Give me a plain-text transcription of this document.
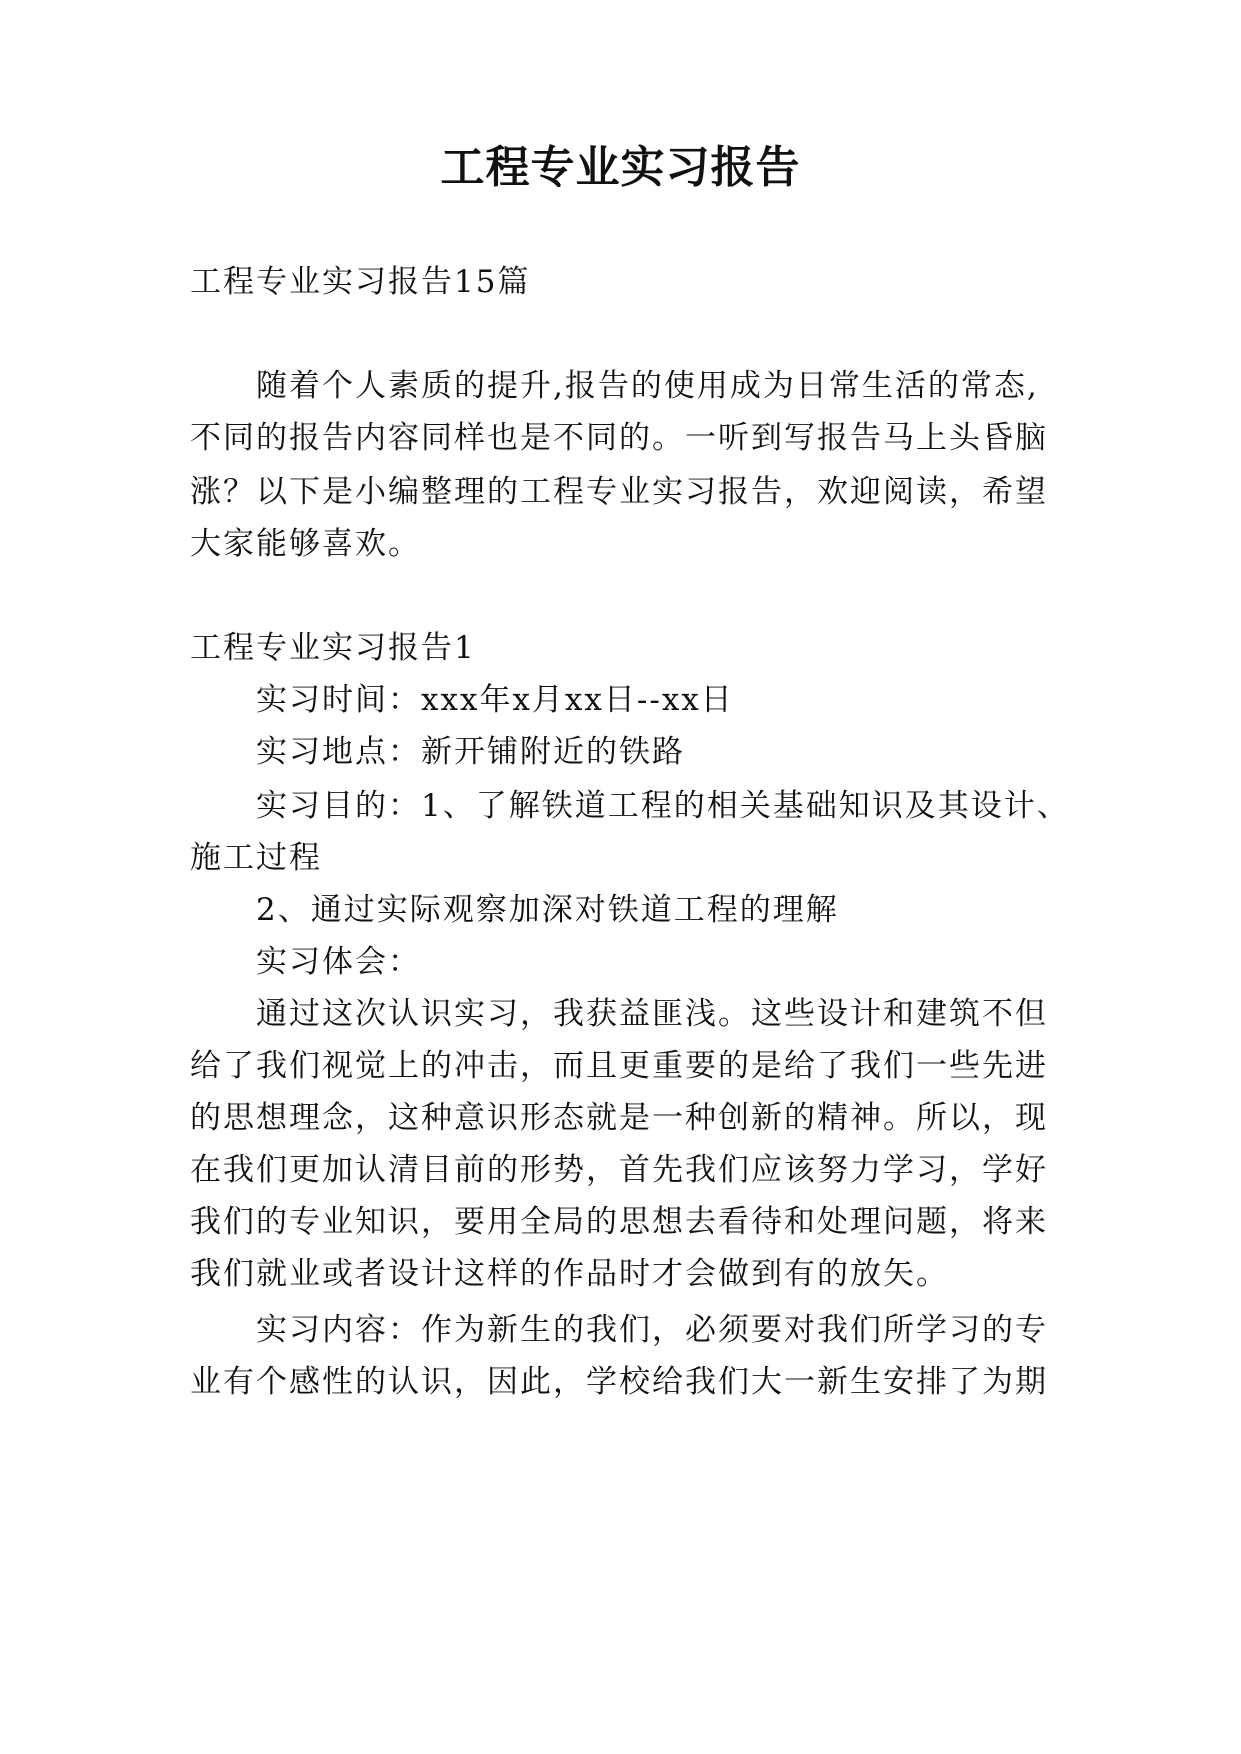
工程专业实习报告
工程专业实习报告15篇
随着个人素质的提升,报告的使用成为日常生活的常态,
不同的报告内容同样也是不同的。一听到写报告马上头昏脑
涨？以下是小编整理的工程专业实习报告，欢迎阅读，希望
大家能够喜欢。
工程专业实习报告1
实习时间：xxx年x月xx日--xx日
实习地点：新开铺附近的铁路
实习目的：1、了解铁道工程的相关基础知识及其设计、
施工过程
2、通过实际观察加深对铁道工程的理解
实习体会：
通过这次认识实习，我获益匪浅。这些设计和建筑不但
给了我们视觉上的冲击，而且更重要的是给了我们一些先进
的思想理念，这种意识形态就是一种创新的精神。所以，现
在我们更加认清目前的形势，首先我们应该努力学习，学好
我们的专业知识，要用全局的思想去看待和处理问题，将来
我们就业或者设计这样的作品时才会做到有的放矢。
实习内容：作为新生的我们，必须要对我们所学习的专
业有个感性的认识，因此，学校给我们大一新生安排了为期
